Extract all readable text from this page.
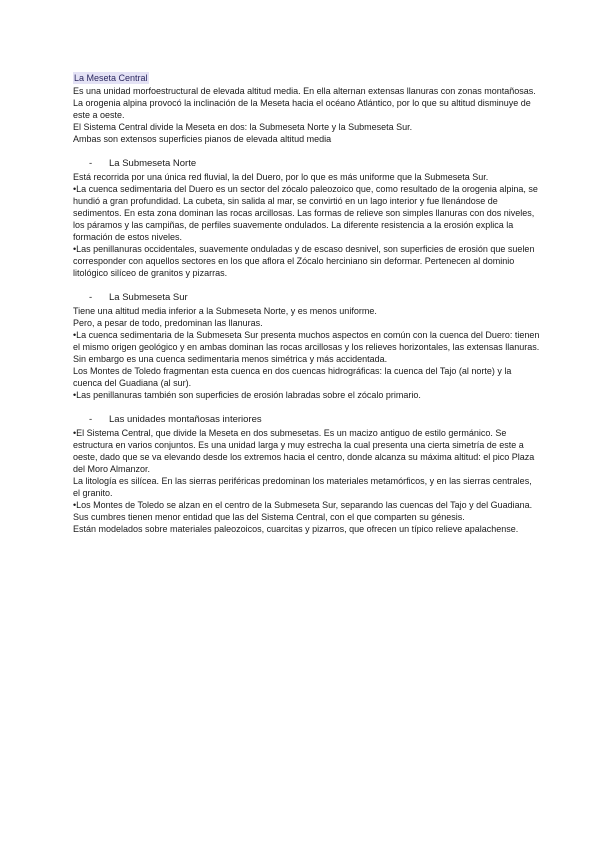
La Meseta Central

Es una unidad morfoestructural de elevada altitud media. En ella alternan extensas llanuras con zonas montañosas. La orogenia alpina provocó la inclinación de la Meseta hacia el océano Atlántico, por lo que su altitud disminuye de este a oeste.

El Sistema Central divide la Meseta en dos: la Submeseta Norte y la Submeseta Sur.

Ambas son extensos superficies pianos de elevada altitud media

-	La Submeseta Norte

Está recorrida por una única red fluvial, la del Duero, por lo que es más uniforme que la Submeseta Sur.

•La cuenca sedimentaria del Duero es un sector del zócalo paleozoico que, como resultado de la orogenia alpina, se hundió a gran profundidad. La cubeta, sin salida al mar, se convirtió en un lago interior y fue llenándose de sedimentos. En esta zona dominan las rocas arcillosas. Las formas de relieve son simples llanuras con dos niveles, los páramos y las campiñas, de perfiles suavemente ondulados. La diferente resistencia a la erosión explica la formación de estos niveles.

•Las penillanuras occidentales, suavemente onduladas y de escaso desnivel, son superficies de erosión que suelen corresponder con aquellos sectores en los que aflora el Zócalo herciniano sin deformar. Pertenecen al dominio litológico silíceo de granitos y pizarras.

-	La Submeseta Sur

Tiene una altitud media inferior a la Submeseta Norte, y es menos uniforme.

Pero, a pesar de todo, predominan las llanuras.

•La cuenca sedimentaria de la Submeseta Sur presenta muchos aspectos en común con la cuenca del Duero: tienen el mismo origen geológico y en ambas dominan las rocas arcillosas y los relieves horizontales, las extensas llanuras. Sin embargo es una cuenca sedimentaria menos simétrica y más accidentada.

Los Montes de Toledo fragmentan esta cuenca en dos cuencas hidrográficas: la cuenca del Tajo (al norte) y la cuenca del Guadiana (al sur).

•Las penillanuras también son superficies de erosión labradas sobre el zócalo primario.

-	Las unidades montañosas interiores

•El Sistema Central, que divide la Meseta en dos submesetas. Es un macizo antiguo de estilo germánico. Se estructura en varios conjuntos. Es una unidad larga y muy estrecha la cual presenta una cierta simetría de este a oeste, dado que se va elevando desde los extremos hacia el centro, donde alcanza su máxima altitud: el pico Plaza del Moro Almanzor.

La litología es silícea. En las sierras periféricas predominan los materiales metamórficos, y en las sierras centrales, el granito.

•Los Montes de Toledo se alzan en el centro de la Submeseta Sur, separando las cuencas del Tajo y del Guadiana. Sus cumbres tienen menor entidad que las del Sistema Central, con el que comparten su génesis.

Están modelados sobre materiales paleozoicos, cuarcitas y pizarros, que ofrecen un típico relieve apalachense.
